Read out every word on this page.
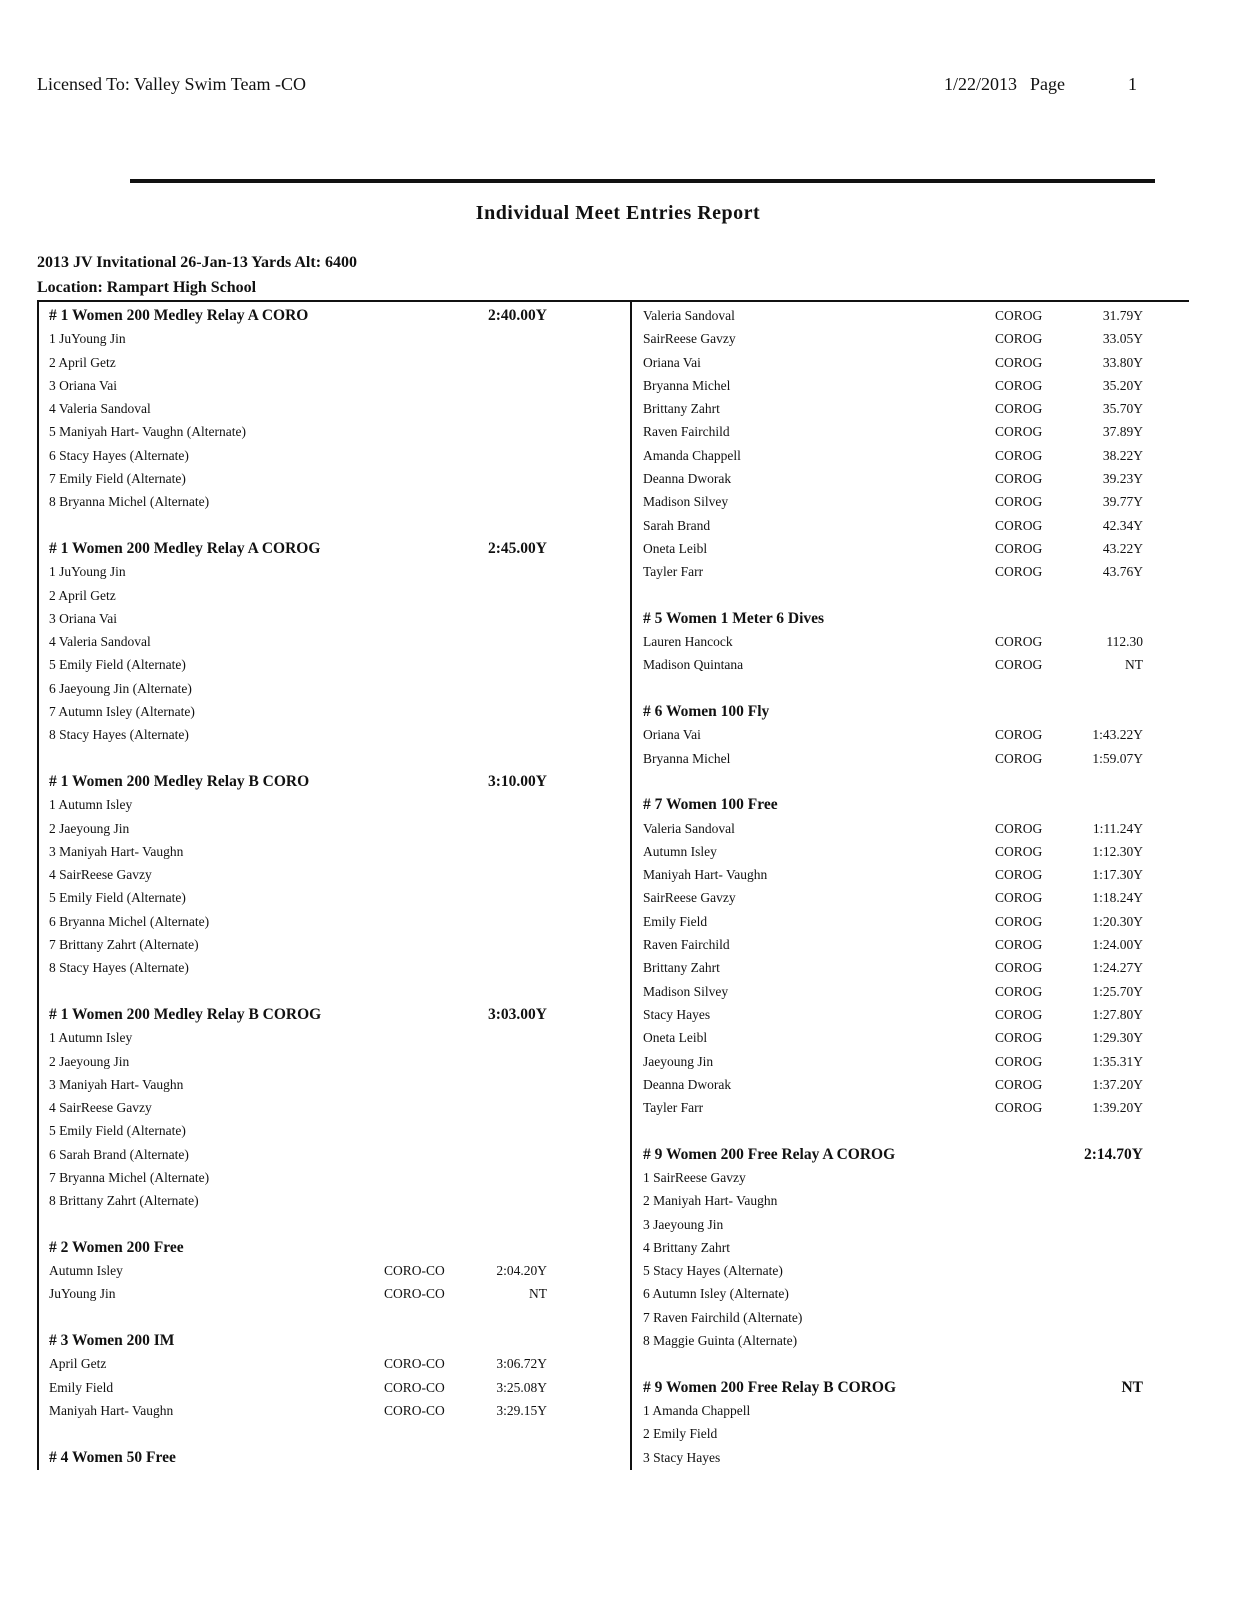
Licensed To: Valley Swim Team -CO	1/22/2013 Page	1
Individual Meet Entries Report
2013 JV Invitational 26-Jan-13 Yards Alt: 6400
Location: Rampart High School
# 1 Women 200 Medley Relay A CORO	2:40.00Y
1 JuYoung Jin
2 April Getz
3 Oriana Vai
4 Valeria Sandoval
5 Maniyah Hart- Vaughn (Alternate)
6 Stacy Hayes (Alternate)
7 Emily Field (Alternate)
8 Bryanna Michel (Alternate)
# 1 Women 200 Medley Relay A COROG	2:45.00Y
1 JuYoung Jin
2 April Getz
3 Oriana Vai
4 Valeria Sandoval
5 Emily Field (Alternate)
6 Jaeyoung Jin (Alternate)
7 Autumn Isley (Alternate)
8 Stacy Hayes (Alternate)
# 1 Women 200 Medley Relay B CORO	3:10.00Y
1 Autumn Isley
2 Jaeyoung Jin
3 Maniyah Hart- Vaughn
4 SairReese Gavzy
5 Emily Field (Alternate)
6 Bryanna Michel (Alternate)
7 Brittany Zahrt (Alternate)
8 Stacy Hayes (Alternate)
# 1 Women 200 Medley Relay B COROG	3:03.00Y
1 Autumn Isley
2 Jaeyoung Jin
3 Maniyah Hart- Vaughn
4 SairReese Gavzy
5 Emily Field (Alternate)
6 Sarah Brand (Alternate)
7 Bryanna Michel (Alternate)
8 Brittany Zahrt (Alternate)
# 2 Women 200 Free
Autumn Isley	CORO-CO	2:04.20Y
JuYoung Jin	CORO-CO	NT
# 3 Women 200 IM
April Getz	CORO-CO	3:06.72Y
Emily Field	CORO-CO	3:25.08Y
Maniyah Hart- Vaughn	CORO-CO	3:29.15Y
# 4 Women 50 Free
Valeria Sandoval	COROG	31.79Y
SairReese Gavzy	COROG	33.05Y
Oriana Vai	COROG	33.80Y
Bryanna Michel	COROG	35.20Y
Brittany Zahrt	COROG	35.70Y
Raven Fairchild	COROG	37.89Y
Amanda Chappell	COROG	38.22Y
Deanna Dworak	COROG	39.23Y
Madison Silvey	COROG	39.77Y
Sarah Brand	COROG	42.34Y
Oneta Leibl	COROG	43.22Y
Tayler Farr	COROG	43.76Y
# 5 Women 1 Meter 6 Dives
Lauren Hancock	COROG	112.30
Madison Quintana	COROG	NT
# 6 Women 100 Fly
Oriana Vai	COROG	1:43.22Y
Bryanna Michel	COROG	1:59.07Y
# 7 Women 100 Free
Valeria Sandoval	COROG	1:11.24Y
Autumn Isley	COROG	1:12.30Y
Maniyah Hart- Vaughn	COROG	1:17.30Y
SairReese Gavzy	COROG	1:18.24Y
Emily Field	COROG	1:20.30Y
Raven Fairchild	COROG	1:24.00Y
Brittany Zahrt	COROG	1:24.27Y
Madison Silvey	COROG	1:25.70Y
Stacy Hayes	COROG	1:27.80Y
Oneta Leibl	COROG	1:29.30Y
Jaeyoung Jin	COROG	1:35.31Y
Deanna Dworak	COROG	1:37.20Y
Tayler Farr	COROG	1:39.20Y
# 9 Women 200 Free Relay A COROG	2:14.70Y
1 SairReese Gavzy
2 Maniyah Hart- Vaughn
3 Jaeyoung Jin
4 Brittany Zahrt
5 Stacy Hayes (Alternate)
6 Autumn Isley (Alternate)
7 Raven Fairchild (Alternate)
8 Maggie Guinta (Alternate)
# 9 Women 200 Free Relay B COROG	NT
1 Amanda Chappell
2 Emily Field
3 Stacy Hayes
